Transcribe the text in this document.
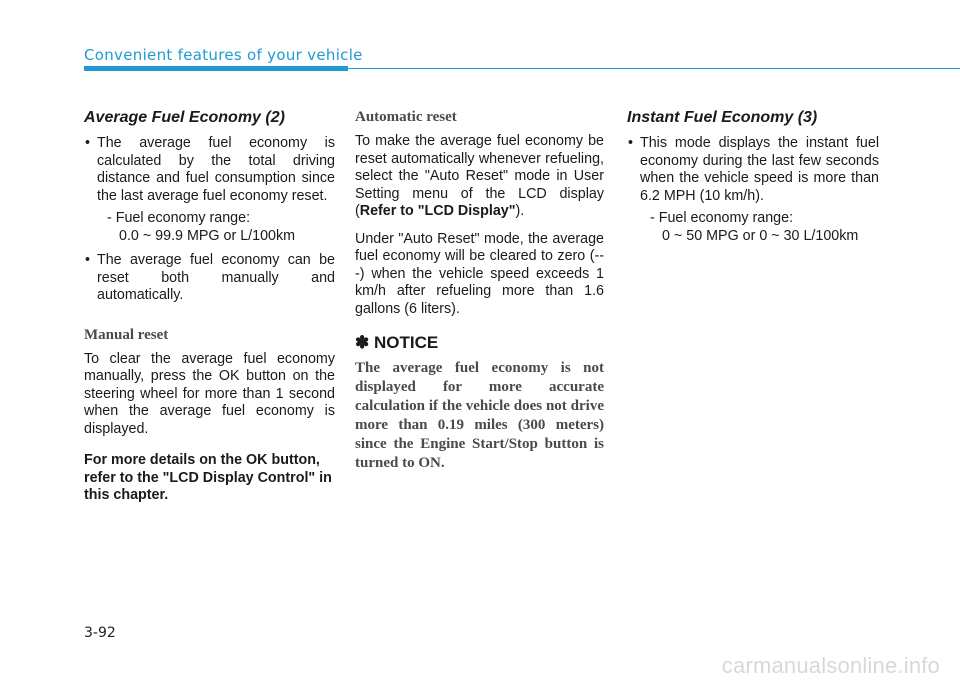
Convenient features of your vehicle
Average Fuel Economy (2)
• The average fuel economy is calculated by the total driving distance and fuel consumption since the last average fuel economy reset.

- Fuel economy range:

0.0 ~ 99.9 MPG or L/100km

• The average fuel economy can be reset both manually and automatically.
Manual reset

To clear the average fuel economy manually, press the OK button on the steering wheel for more than 1 second when the average fuel economy is displayed.

For more details on the OK button, refer to the "LCD Display Control" in this chapter.

Automatic reset

To make the average fuel economy be reset automatically whenever refueling, select the "Auto Reset" mode in User Setting menu of the LCD display (Refer to "LCD Display").

Under "Auto Reset" mode, the average fuel economy will be cleared to zero (---) when the vehicle speed exceeds 1 km/h after refueling more than 1.6 gallons (6 liters).

✽ NOTICE

The average fuel economy is not displayed for more accurate calculation if the vehicle does not drive more than 0.19 miles (300 meters) since the Engine Start/Stop button is turned to ON.

Instant Fuel Economy (3)
• This mode displays the instant fuel economy during the last few seconds when the vehicle speed is more than 6.2 MPH (10 km/h).

- Fuel economy range:

0 ~ 50 MPG or 0 ~ 30 L/100km

3-92
carmanualsonline.info
